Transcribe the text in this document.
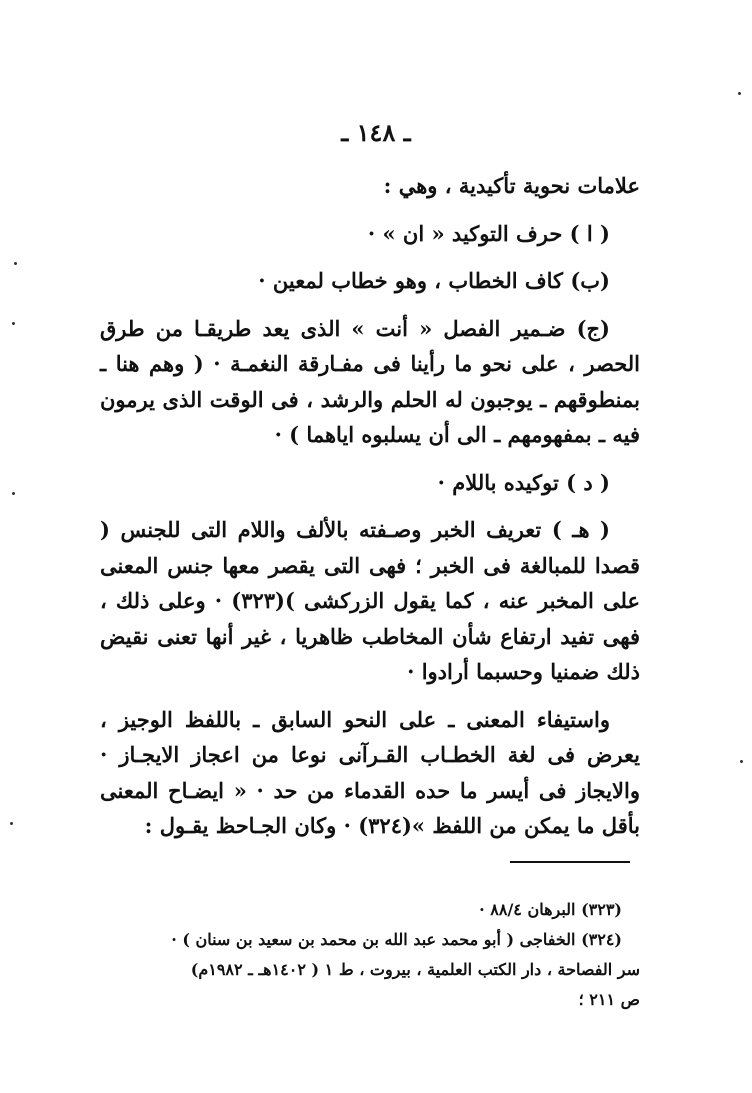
ـ ١٤٨ ـ

علامات نحوية تأكيدية ، وهي :

( ا ) حرف التوكيد « ان » ·

(ب) كاف الخطاب ، وهو خطاب لمعين ·

(ج) ضـمير الفصل « أنت » الذى يعد طريقـا من طرق الحصر ، على نحو ما رأينا فى مفـارقة النغمـة · ( وهم هنا ـ بمنطوقهم ـ يوجبون له الحلم والرشد ، فى الوقت الذى يرمون فيه ـ بمفهومهم ـ الى أن يسلبوه اياهما ) ·

( د ) توكيده باللام ·

( هـ ) تعريف الخبر وصـفته بالألف واللام التى للجنس ( قصدا للمبالغة فى الخبر ؛ فهى التى يقصر معها جنس المعنى على المخبر عنه ، كما يقول الزركشى )(٣٢٣) · وعلى ذلك ، فهى تفيد ارتفاع شأن المخاطب ظاهريا ، غير أنها تعنى نقيض ذلك ضمنيا وحسبما أرادوا ·

واستيفاء المعنى ـ على النحو السابق ـ باللفظ الوجيز ، يعرض فى لغة الخطـاب القـرآنى نوعا من اعجاز الايجـاز · والايجاز فى أيسر ما حده القدماء من حد · « ايضـاح المعنى بأقل ما يمكن من اللفظ »(٣٢٤) · وكان الجـاحظ يقـول :

(٣٢٣) البرهان ٨٨/٤ ·

(٣٢٤) الخفاجى ( أبو محمد عبد الله بن محمد بن سعيد بن سنان ) ·

سر الفصاحة ، دار الكتب العلمية ، بيروت ، ط ١ ( ١٤٠٢هـ ـ ١٩٨٢م)

ص ٢١١ ؛
